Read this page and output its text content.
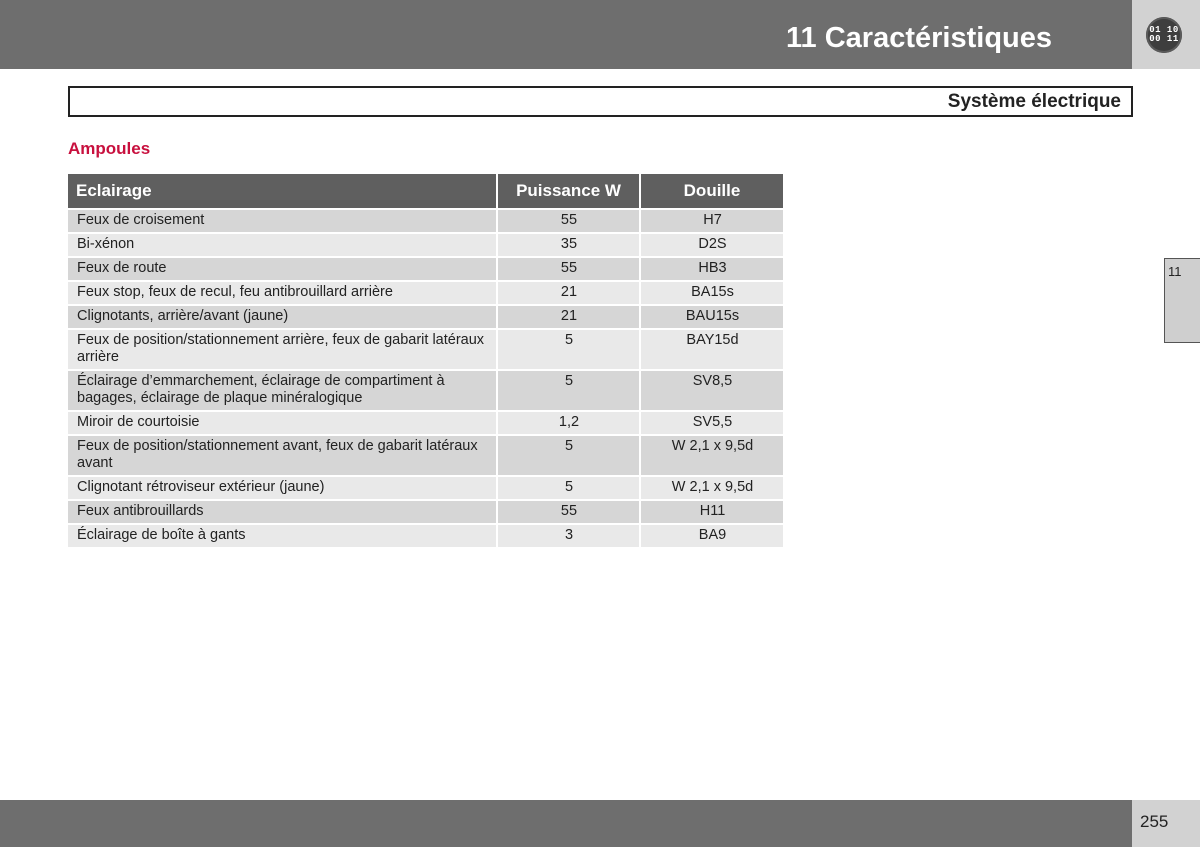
11 Caractéristiques	01 10
00 11
Système électrique
Ampoules
Eclairage	Puissance W	Douille
Feux de croisement	55	H7
Bi-xénon	35	D2S
Feux de route	55	HB3
Feux stop, feux de recul, feu antibrouillard arrière	21	BA15s
Clignotants, arrière/avant (jaune)	21	BAU15s
Feux de position/stationnement arrière, feux de gabarit latéraux arrière	5	BAY15d
Éclairage d’emmarchement, éclairage de compartiment à bagages, éclairage de plaque minéralogique	5	SV8,5
Miroir de courtoisie	1,2	SV5,5
Feux de position/stationnement avant, feux de gabarit latéraux avant	5	W 2,1 x 9,5d
Clignotant rétroviseur extérieur (jaune)	5	W 2,1 x 9,5d
Feux antibrouillards	55	H11
Éclairage de boîte à gants	3	BA9
11
255
